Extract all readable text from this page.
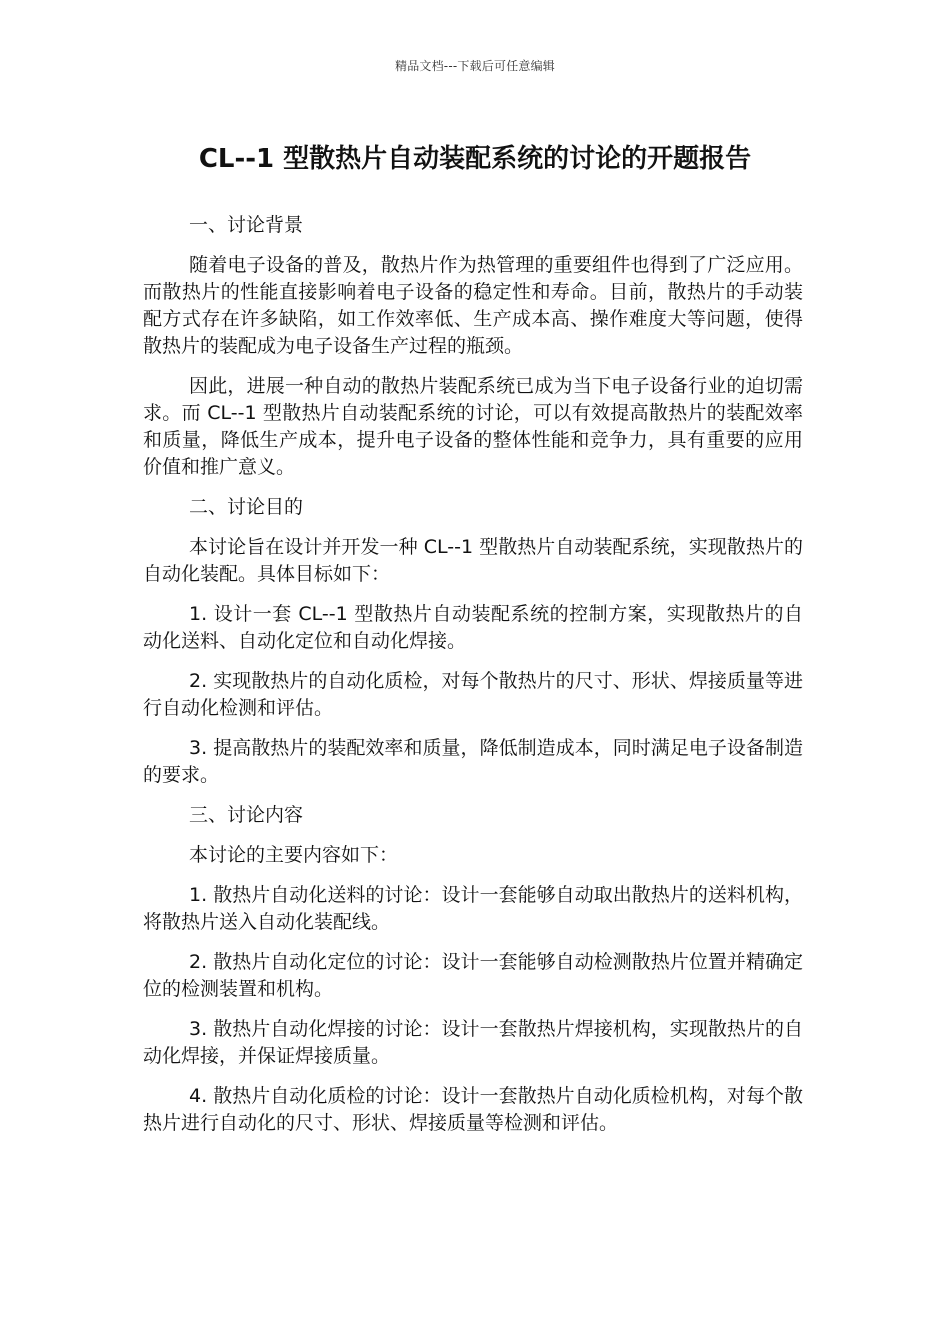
精品文档---下载后可任意编辑
CL--1 型散热片自动装配系统的讨论的开题报告

一、讨论背景

随着电子设备的普及，散热片作为热管理的重要组件也得到了广泛应用。而散热片的性能直接影响着电子设备的稳定性和寿命。目前，散热片的手动装配方式存在许多缺陷，如工作效率低、生产成本高、操作难度大等问题，使得散热片的装配成为电子设备生产过程的瓶颈。

因此，进展一种自动的散热片装配系统已成为当下电子设备行业的迫切需求。而 CL--1 型散热片自动装配系统的讨论，可以有效提高散热片的装配效率和质量，降低生产成本，提升电子设备的整体性能和竞争力，具有重要的应用价值和推广意义。

二、讨论目的

本讨论旨在设计并开发一种 CL--1 型散热片自动装配系统，实现散热片的自动化装配。具体目标如下：

1. 设计一套 CL--1 型散热片自动装配系统的控制方案，实现散热片的自动化送料、自动化定位和自动化焊接。

2. 实现散热片的自动化质检，对每个散热片的尺寸、形状、焊接质量等进行自动化检测和评估。

3. 提高散热片的装配效率和质量，降低制造成本，同时满足电子设备制造的要求。

三、讨论内容

本讨论的主要内容如下：

1. 散热片自动化送料的讨论：设计一套能够自动取出散热片的送料机构，将散热片送入自动化装配线。

2. 散热片自动化定位的讨论：设计一套能够自动检测散热片位置并精确定位的检测装置和机构。

3. 散热片自动化焊接的讨论：设计一套散热片焊接机构，实现散热片的自动化焊接，并保证焊接质量。

4. 散热片自动化质检的讨论：设计一套散热片自动化质检机构，对每个散热片进行自动化的尺寸、形状、焊接质量等检测和评估。
